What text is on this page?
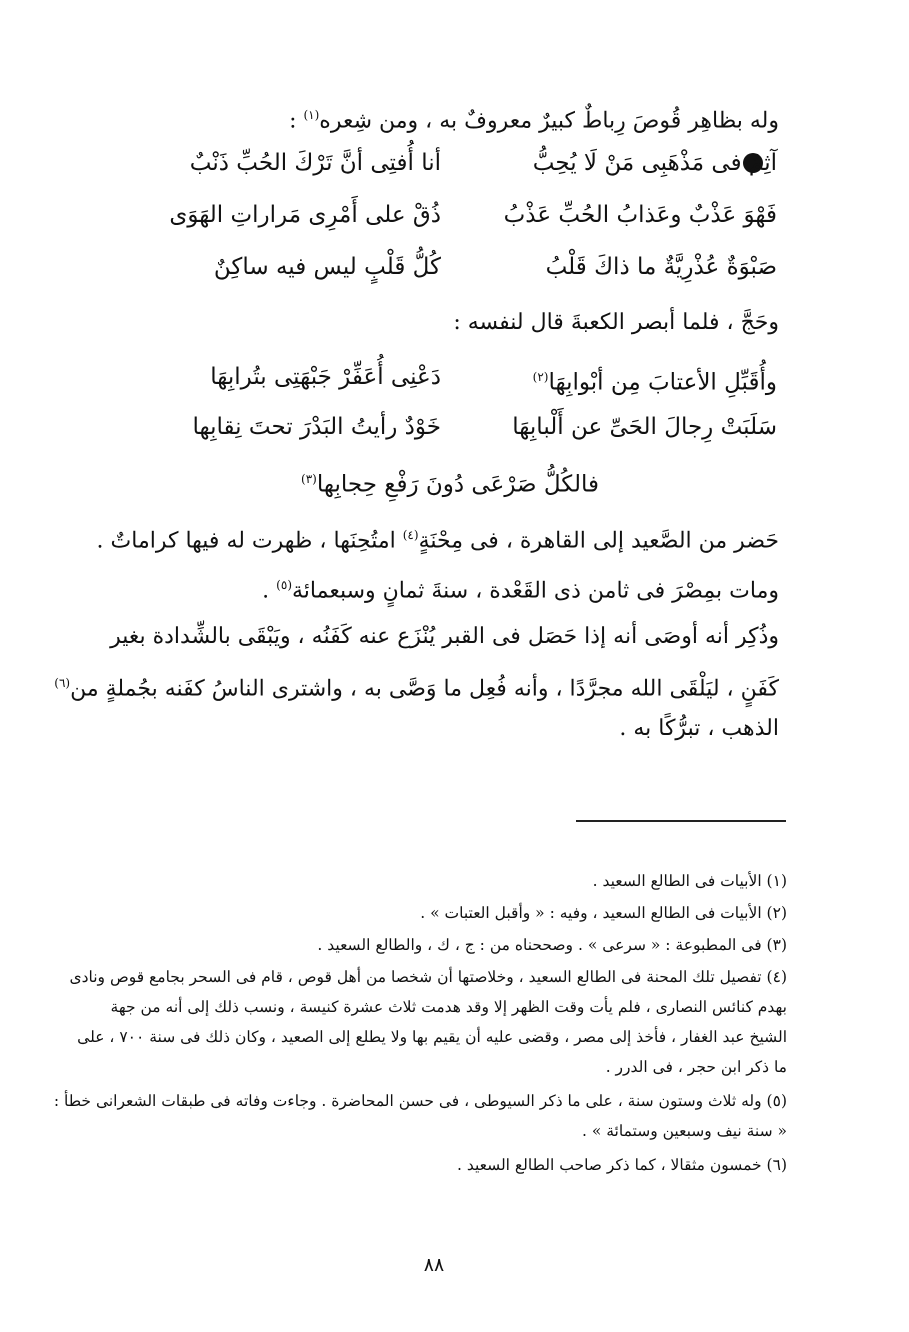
وله بظاهِر قُوصَ رِباطٌ كبيرٌ معروفٌ به ، ومن شِعره$^{(١)}$ :
أنا أُفتِى أنَّ تَرْكَ الحُبِّ ذَنْبٌ	آثِمٌ فى مَذْهَبِى مَنْ لَا يُحِبُّ
ذُقْ على أَمْرِى مَراراتِ الهَوَى	فَهْوَ عَذْبٌ وعَذابُ الحُبِّ عَذْبُ
كُلُّ قَلْبٍ ليس فيه ساكِنٌ	صَبْوَةٌ عُذْرِيَّةٌ ما ذاكَ قَلْبُ
وحَجَّ ، فلما أبصر الكعبةَ قال لنفسه :
دَعْنِى أُعَفِّرْ جَبْهَتِى بتُرابِهَا	وأُقَبِّلِ الأعتابَ مِن أبْوابِهَا$^{(٢)}$
خَوْدٌ رأيتُ البَدْرَ تحتَ نِقابِها	سَلَبَتْ رِجالَ الحَىِّ عن أَلْبابِهَا
فالكُلُّ صَرْعَى دُونَ رَفْعِ حِجابِها$^{(٣)}$
حَضر من الصَّعيد إلى القاهرة ، فى مِحْنَةٍ$^{(٤)}$ امتُحِنَها ، ظهرت له فيها كراماتٌ .
ومات بمِصْرَ فى ثامن ذى القَعْدة ، سنةَ ثمانٍ وسبعمائة$^{(٥)}$ .
وذُكِر أنه أوصَى أنه إذا حَصَل فى القبر يُنْزَع عنه كَفَنُه ، ويَبْقَى بالشِّدادة بغير
كَفَنٍ ، ليَلْقَى الله مجرَّدًا ، وأنه فُعِل ما وَصَّى به ، واشترى الناسُ كفَنه بجُملةٍ من$^{(٦)}$
الذهب ، تبرُّكًا به .
(١) الأبيات فى الطالع السعيد .
(٢) الأبيات فى الطالع السعيد ، وفيه : « وأقبل العتبات » .
(٣) فى المطبوعة : « سرعى » . وصححناه من : ج ، ك ، والطالع السعيد .
(٤) تفصيل تلك المحنة فى الطالع السعيد ، وخلاصتها أن شخصا من أهل قوص ، قام فى السحر بجامع قوص ونادى
بهدم كنائس النصارى ، فلم يأت وقت الظهر إلا وقد هدمت ثلاث عشرة كنيسة ، ونسب ذلك إلى أنه من جهة
الشيخ عبد الغفار ، فأخذ إلى مصر ، وقضى عليه أن يقيم بها ولا يطلع إلى الصعيد ، وكان ذلك فى سنة ٧٠٠ ، على
ما ذكر ابن حجر ، فى الدرر .
(٥) وله ثلاث وستون سنة ، على ما ذكر السيوطى ، فى حسن المحاضرة . وجاءت وفاته فى طبقات الشعرانى خطأ :
« سنة نيف وسبعين وستمائة » .
(٦) خمسون مثقالا ، كما ذكر صاحب الطالع السعيد .
٨٨
